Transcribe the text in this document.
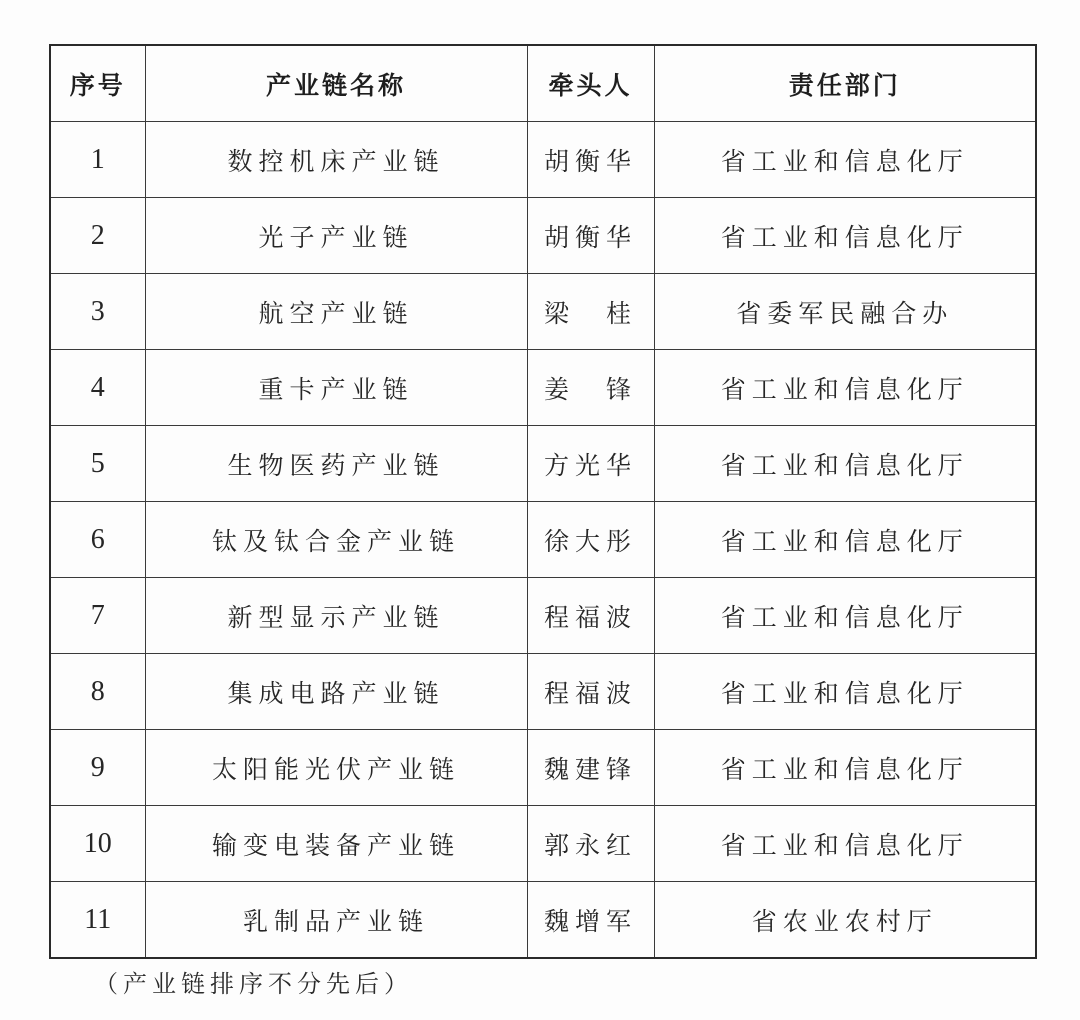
序号	产业链名称	牵头人	责任部门
1	数控机床产业链	胡衡华	省工业和信息化厅
2	光子产业链	胡衡华	省工业和信息化厅
3	航空产业链	梁　桂	省委军民融合办
4	重卡产业链	姜　锋	省工业和信息化厅
5	生物医药产业链	方光华	省工业和信息化厅
6	钛及钛合金产业链	徐大彤	省工业和信息化厅
7	新型显示产业链	程福波	省工业和信息化厅
8	集成电路产业链	程福波	省工业和信息化厅
9	太阳能光伏产业链	魏建锋	省工业和信息化厅
10	输变电装备产业链	郭永红	省工业和信息化厅
11	乳制品产业链	魏增军	省农业农村厅
（产业链排序不分先后）
